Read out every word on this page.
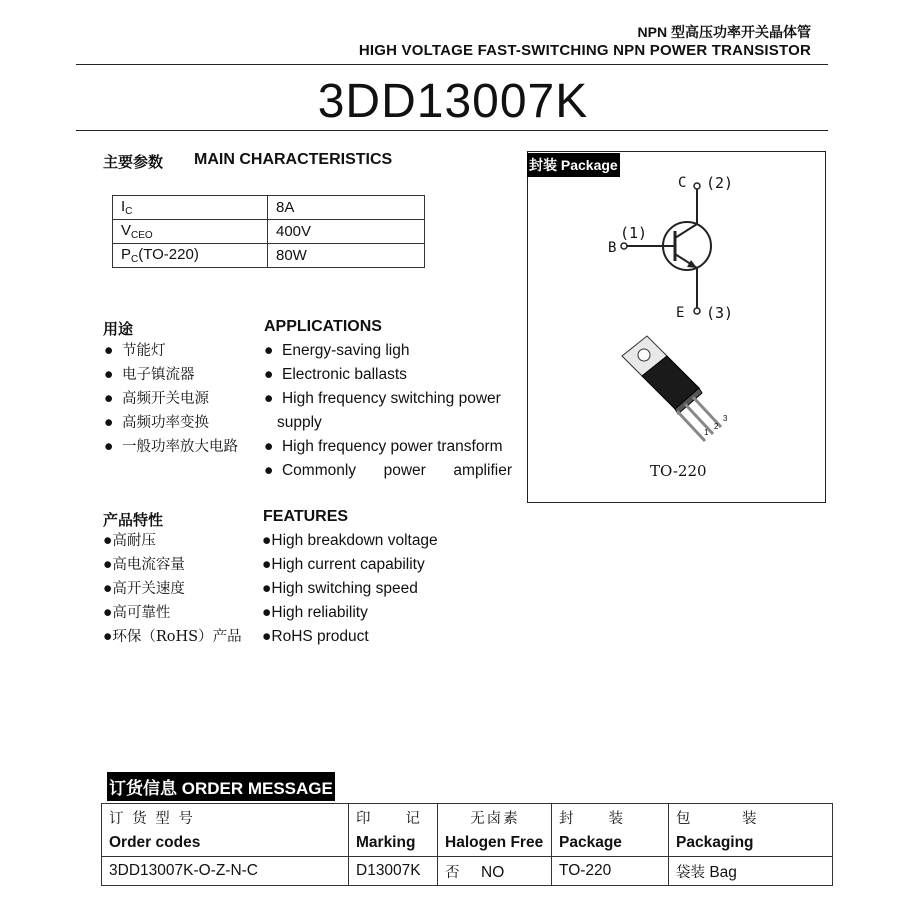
NPN 型高压功率开关晶体管
HIGH VOLTAGE FAST-SWITCHING NPN POWER TRANSISTOR
3DD13007K
主要参数 MAIN CHARACTERISTICS
$I_C$	8A
$V_{CEO}$	400V
$P_C(TO-220)$	80W
用途	APPLICATIONS
●  节能灯
●  电子镇流器
●  高频开关电源
●  高频功率变换
●  一般功率放大电路
●  Energy-saving ligh
●  Electronic ballasts
●  High frequency switching power
supply
●  High frequency power transform
●  Commonly power amplifier
产品特性	FEATURES
●高耐压
●高电流容量
●高开关速度
●高可靠性
●环保（RoHS）产品
●High breakdown voltage
●High current capability
●High switching speed
●High reliability
●RoHS product
封装 Package
C (2)
B
(1)
E (3)
1
2
3
TO-220
订货信息 ORDER MESSAGE
订 货 型 号	印　　记	无卤素	封　　装	包　　　装
Order codes	Marking	Halogen Free	Package	Packaging
3DD13007K-O-Z-N-C	D13007K	否 NO	TO-220	袋装 Bag
